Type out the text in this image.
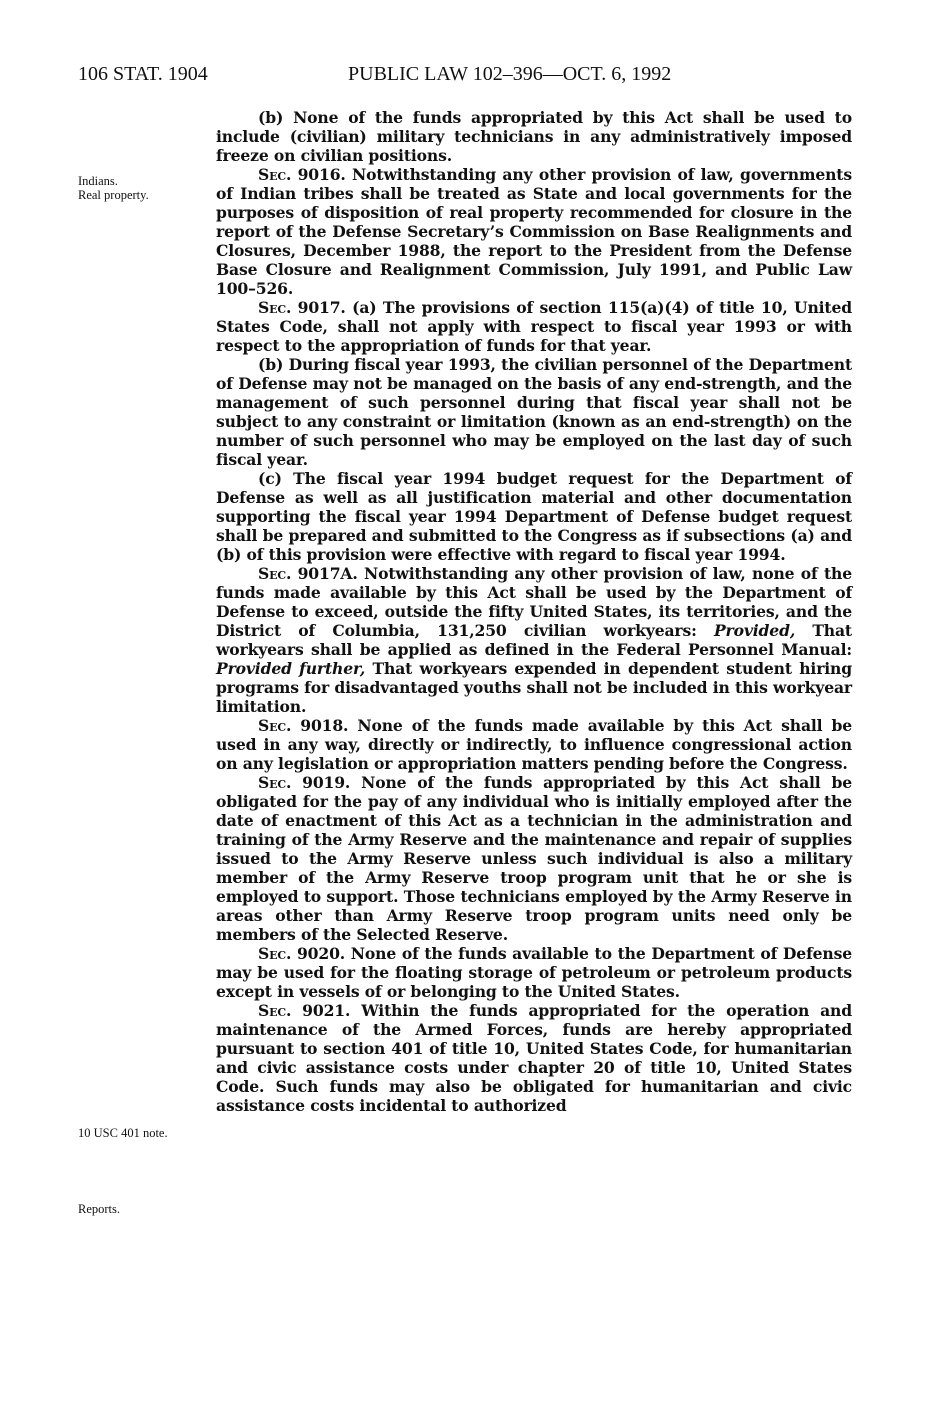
106 STAT. 1904	PUBLIC LAW 102–396—OCT. 6, 1992
Indians.
Real property.
10 USC 401 note.
Reports.

(b) None of the funds appropriated by this Act shall be used to include (civilian) military technicians in any administratively imposed freeze on civilian positions.

Sec. 9016. Notwithstanding any other provision of law, governments of Indian tribes shall be treated as State and local governments for the purposes of disposition of real property recommended for closure in the report of the Defense Secretary’s Commission on Base Realignments and Closures, December 1988, the report to the President from the Defense Base Closure and Realignment Commission, July 1991, and Public Law 100–526.

Sec. 9017. (a) The provisions of section 115(a)(4) of title 10, United States Code, shall not apply with respect to fiscal year 1993 or with respect to the appropriation of funds for that year.

(b) During fiscal year 1993, the civilian personnel of the Department of Defense may not be managed on the basis of any end-strength, and the management of such personnel during that fiscal year shall not be subject to any constraint or limitation (known as an end-strength) on the number of such personnel who may be employed on the last day of such fiscal year.

(c) The fiscal year 1994 budget request for the Department of Defense as well as all justification material and other documentation supporting the fiscal year 1994 Department of Defense budget request shall be prepared and submitted to the Congress as if subsections (a) and (b) of this provision were effective with regard to fiscal year 1994.

Sec. 9017A. Notwithstanding any other provision of law, none of the funds made available by this Act shall be used by the Department of Defense to exceed, outside the fifty United States, its territories, and the District of Columbia, 131,250 civilian workyears: Provided, That workyears shall be applied as defined in the Federal Personnel Manual: Provided further, That workyears expended in dependent student hiring programs for disadvantaged youths shall not be included in this workyear limitation.

Sec. 9018. None of the funds made available by this Act shall be used in any way, directly or indirectly, to influence congressional action on any legislation or appropriation matters pending before the Congress.

Sec. 9019. None of the funds appropriated by this Act shall be obligated for the pay of any individual who is initially employed after the date of enactment of this Act as a technician in the administration and training of the Army Reserve and the maintenance and repair of supplies issued to the Army Reserve unless such individual is also a military member of the Army Reserve troop program unit that he or she is employed to support. Those technicians employed by the Army Reserve in areas other than Army Reserve troop program units need only be members of the Selected Reserve.

Sec. 9020. None of the funds available to the Department of Defense may be used for the floating storage of petroleum or petroleum products except in vessels of or belonging to the United States.

Sec. 9021. Within the funds appropriated for the operation and maintenance of the Armed Forces, funds are hereby appropriated pursuant to section 401 of title 10, United States Code, for humanitarian and civic assistance costs under chapter 20 of title 10, United States Code. Such funds may also be obligated for humanitarian and civic assistance costs incidental to authorized
